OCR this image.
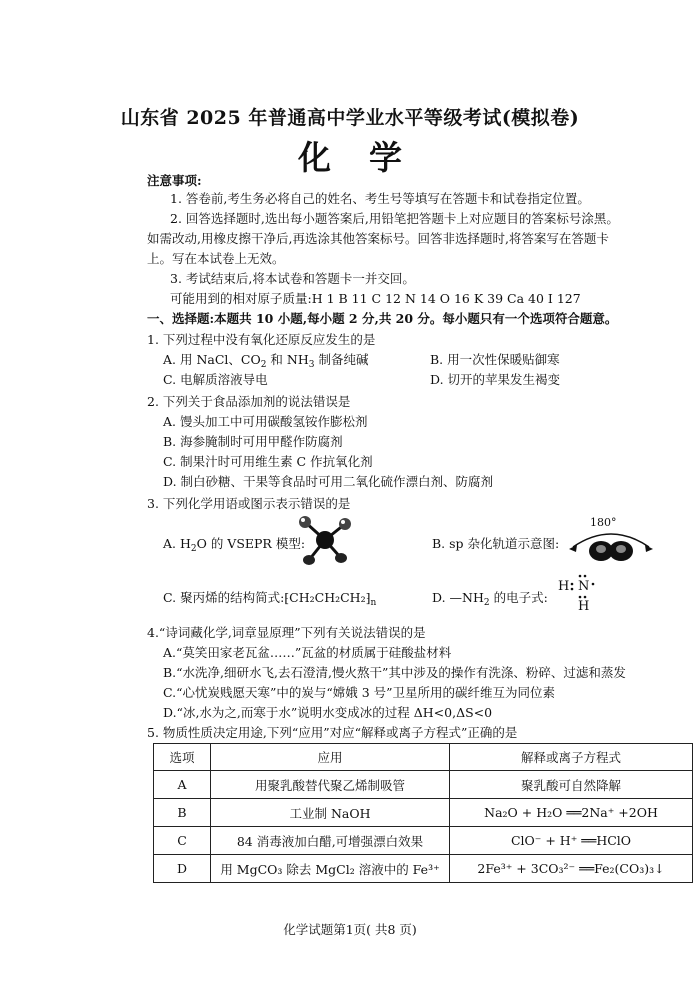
山东省 2025 年普通高中学业水平等级考试(模拟卷)
化学
注意事项:
1. 答卷前,考生务必将自己的姓名、考生号等填写在答题卡和试卷指定位置。
2. 回答选择题时,选出每小题答案后,用铅笔把答题卡上对应题目的答案标号涂黑。
如需改动,用橡皮擦干净后,再选涂其他答案标号。回答非选择题时,将答案写在答题卡
上。写在本试卷上无效。
3. 考试结束后,将本试卷和答题卡一并交回。
可能用到的相对原子质量:H 1 B 11 C 12 N 14 O 16 K 39 Ca 40 I 127
一、选择题:本题共 10 小题,每小题 2 分,共 20 分。每小题只有一个选项符合题意。
1. 下列过程中没有氧化还原反应发生的是
A. 用 NaCl、$CO_2$ 和 $NH_3$ 制备纯碱	B. 用一次性保暖贴御寒
C. 电解质溶液导电	D. 切开的苹果发生褐变
2. 下列关于食品添加剂的说法错误是
A. 馒头加工中可用碳酸氢铵作膨松剂
B. 海参腌制时可用甲醛作防腐剂
C. 制果汁时可用维生素 C 作抗氧化剂
D. 制白砂糖、干果等食品时可用二氧化硫作漂白剂、防腐剂
3. 下列化学用语或图示表示错误的是
A. $H_2O$ 的 VSEPR 模型:	B. sp 杂化轨道示意图:
180°
C. 聚丙烯的结构简式$:⁅CH_2CH_2CH_2⁆_n$	D. $—NH_2$ 的电子式:
H N
H
4.“诗词藏化学,词章显原理”下列有关说法错误的是
A.“莫笑田家老瓦盆……”瓦盆的材质属于硅酸盐材料
B.“水洗净,细研水飞,去石澄清,慢火熬干”其中涉及的操作有洗涤、粉碎、过滤和蒸发
C.“心忧炭贱愿天寒”中的炭与“嫦娥 3 号”卫星所用的碳纤维互为同位素
D.“冰,水为之,而寒于水”说明水变成冰的过程 ΔH<0,ΔS<0
5. 物质性质决定用途,下列“应用”对应“解释或离子方程式”正确的是
选项	应用	解释或离子方程式
A	用聚乳酸替代聚乙烯制吸管	聚乳酸可自然降解
B	工业制 NaOH	Na₂O + H₂O ══2Na⁺ +2OH
C	84 消毒液加白醋,可增强漂白效果	ClO⁻ + H⁺ ══HClO
D	用 MgCO₃ 除去 MgCl₂ 溶液中的 Fe³⁺	2Fe³⁺ + 3CO₃²⁻ ══Fe₂(CO₃)₃↓
化学试题第1页( 共8 页)
